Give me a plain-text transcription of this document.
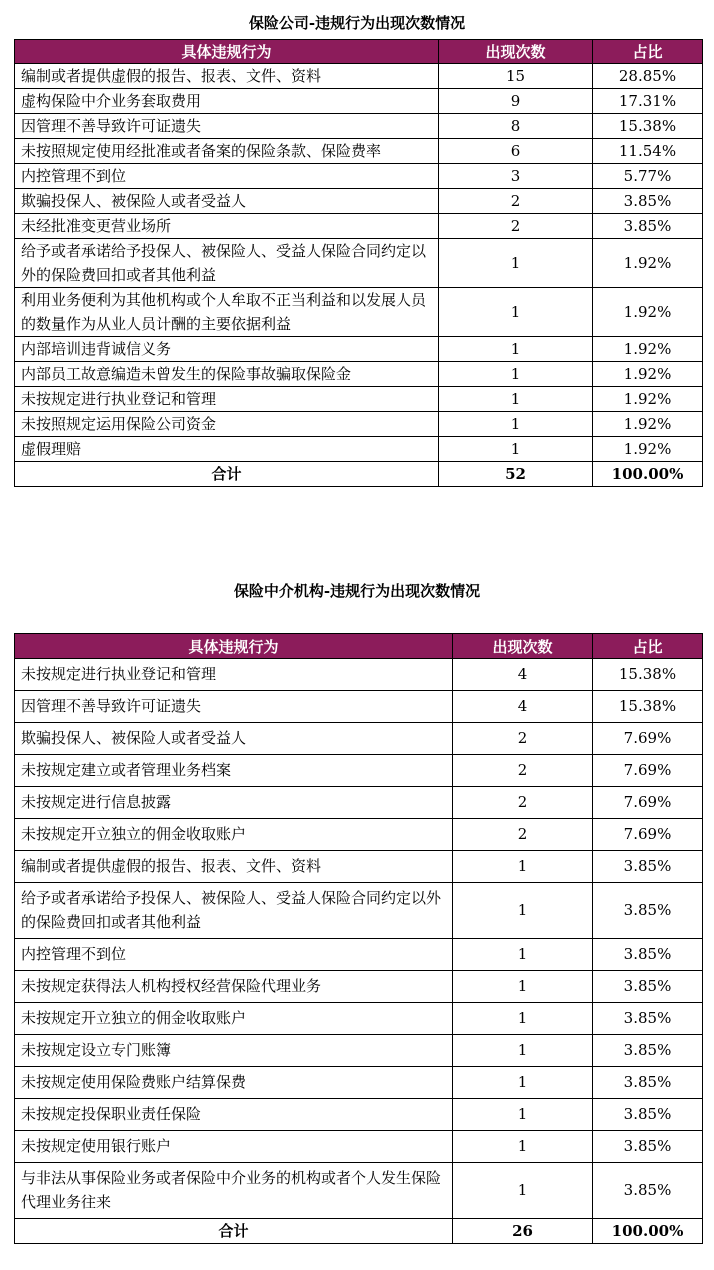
保险公司-违规行为出现次数情况
具体违规行为	出现次数	占比
编制或者提供虚假的报告、报表、文件、资料	15	28.85%
虚构保险中介业务套取费用	9	17.31%
因管理不善导致许可证遗失	8	15.38%
未按照规定使用经批准或者备案的保险条款、保险费率	6	11.54%
内控管理不到位	3	5.77%
欺骗投保人、被保险人或者受益人	2	3.85%
未经批准变更营业场所	2	3.85%
给予或者承诺给予投保人、被保险人、受益人保险合同约定以外的保险费回扣或者其他利益	1	1.92%
利用业务便利为其他机构或个人牟取不正当利益和以发展人员的数量作为从业人员计酬的主要依据利益	1	1.92%
内部培训违背诚信义务	1	1.92%
内部员工故意编造未曾发生的保险事故骗取保险金	1	1.92%
未按规定进行执业登记和管理	1	1.92%
未按照规定运用保险公司资金	1	1.92%
虚假理赔	1	1.92%
合计	52	100.00%
保险中介机构-违规行为出现次数情况
具体违规行为	出现次数	占比
未按规定进行执业登记和管理	4	15.38%
因管理不善导致许可证遗失	4	15.38%
欺骗投保人、被保险人或者受益人	2	7.69%
未按规定建立或者管理业务档案	2	7.69%
未按规定进行信息披露	2	7.69%
未按规定开立独立的佣金收取账户	2	7.69%
编制或者提供虚假的报告、报表、文件、资料	1	3.85%
给予或者承诺给予投保人、被保险人、受益人保险合同约定以外的保险费回扣或者其他利益	1	3.85%
内控管理不到位	1	3.85%
未按规定获得法人机构授权经营保险代理业务	1	3.85%
未按规定开立独立的佣金收取账户	1	3.85%
未按规定设立专门账簿	1	3.85%
未按规定使用保险费账户结算保费	1	3.85%
未按规定投保职业责任保险	1	3.85%
未按规定使用银行账户	1	3.85%
与非法从事保险业务或者保险中介业务的机构或者个人发生保险代理业务往来	1	3.85%
合计	26	100.00%
